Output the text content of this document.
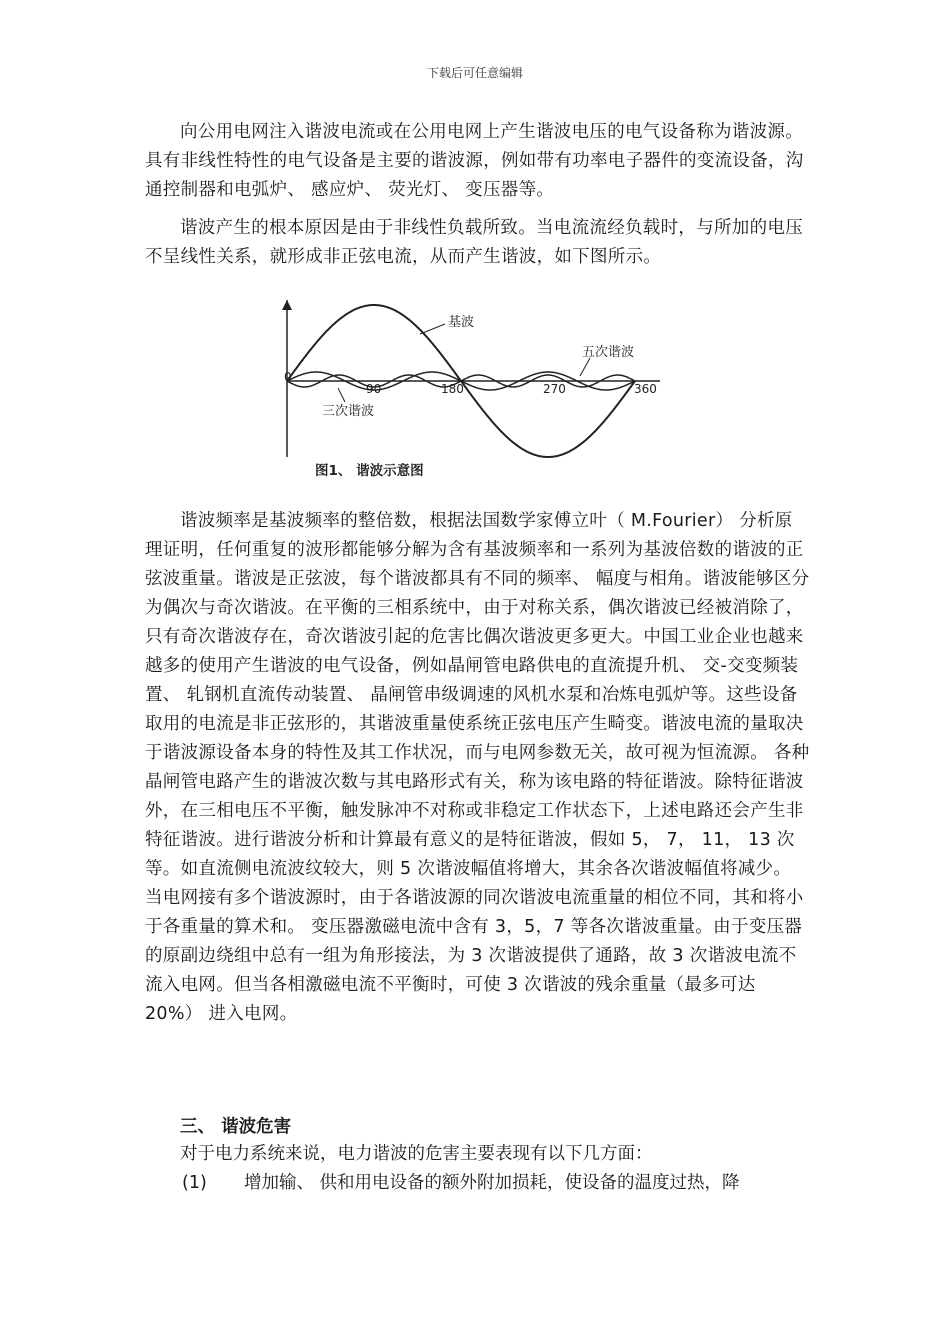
下载后可任意编辑

向公用电网注入谐波电流或在公用电网上产生谐波电压的电气设备称为谐波源。具有非线性特性的电气设备是主要的谐波源，例如带有功率电子器件的变流设备，沟通控制器和电弧炉、 感应炉、 荧光灯、 变压器等。

谐波产生的根本原因是由于非线性负载所致。当电流流经负载时，与所加的电压不呈线性关系，就形成非正弦电流，从而产生谐波，如下图所示。

基波
五次谐波
三次谐波
0
90	180	270	360
图1、 谐波示意图

谐波频率是基波频率的整倍数，根据法国数学家傅立叶（ M.Fourier） 分析原理证明，任何重复的波形都能够分解为含有基波频率和一系列为基波倍数的谐波的正弦波重量。谐波是正弦波，每个谐波都具有不同的频率、 幅度与相角。谐波能够区分为偶次与奇次谐波。在平衡的三相系统中，由于对称关系，偶次谐波已经被消除了，只有奇次谐波存在，奇次谐波引起的危害比偶次谐波更多更大。中国工业企业也越来越多的使用产生谐波的电气设备，例如晶闸管电路供电的直流提升机、 交-交变频装置、 轧钢机直流传动装置、 晶闸管串级调速的风机水泵和冶炼电弧炉等。这些设备取用的电流是非正弦形的，其谐波重量使系统正弦电压产生畸变。谐波电流的量取决于谐波源设备本身的特性及其工作状况，而与电网参数无关，故可视为恒流源。 各种晶闸管电路产生的谐波次数与其电路形式有关，称为该电路的特征谐波。除特征谐波外，在三相电压不平衡，触发脉冲不对称或非稳定工作状态下，上述电路还会产生非特征谐波。进行谐波分析和计算最有意义的是特征谐波，假如 5， 7， 11， 13 次等。如直流侧电流波纹较大，则 5 次谐波幅值将增大，其余各次谐波幅值将减少。 当电网接有多个谐波源时，由于各谐波源的同次谐波电流重量的相位不同，其和将小于各重量的算术和。 变压器激磁电流中含有 3，5，7 等各次谐波重量。由于变压器的原副边绕组中总有一组为角形接法，为 3 次谐波提供了通路，故 3 次谐波电流不流入电网。但当各相激磁电流不平衡时，可使 3 次谐波的残余重量（最多可达 20%） 进入电网。

三、 谐波危害
对于电力系统来说，电力谐波的危害主要表现有以下几方面：
(1) 增加输、 供和用电设备的额外附加损耗，使设备的温度过热，降
